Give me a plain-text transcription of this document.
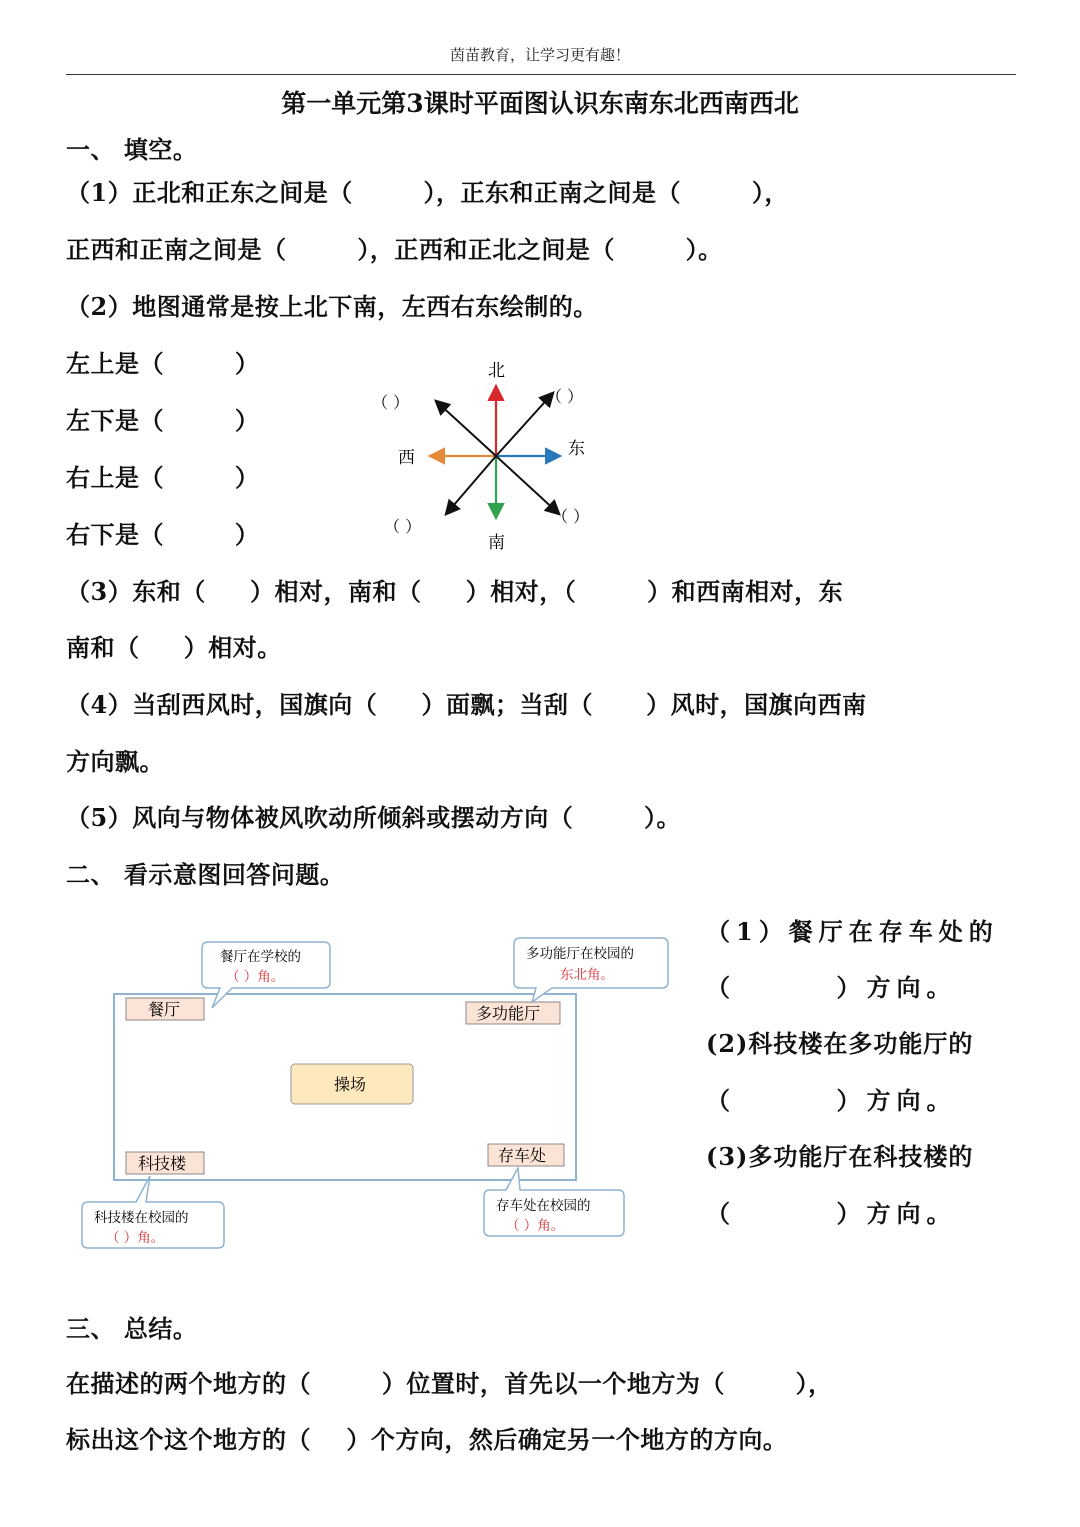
茵苗教育，让学习更有趣！
第一单元第3课时平面图认识东南东北西南西北
一、 填空。
（1）正北和正东之间是（        ），正东和正南之间是（        ），
正西和正南之间是（        ），正西和正北之间是（        ）。
（2）地图通常是按上北下南，左西右东绘制的。
左上是（        ）
左下是（        ）
右上是（        ）
右下是（        ）
北
南
东
西
（ ）	（ ）
（ ）
（ ）
（3）东和（     ）相对，南和（     ）相对，（        ）和西南相对，东
南和（     ）相对。
（4）当刮西风时，国旗向（     ）面飘；当刮（      ）风时，国旗向西南
方向飘。
（5）风向与物体被风吹动所倾斜或摆动方向（        ）。
二、 看示意图回答问题。
餐厅	多功能厅
操场
科技楼	存车处
餐厅在学校的
（ ）角。
多功能厅在校园的
东北角。
科技楼在校园的
（ ）角。
存车处在校园的
（ ）角。
（1）餐厅在存车处的
（       ）方向。
(2)科技楼在多功能厅的
（       ）方向。
(3)多功能厅在科技楼的
（       ）方向。
三、 总结。
在描述的两个地方的（        ）位置时，首先以一个地方为（        ），
标出这个这个地方的（    ）个方向，然后确定另一个地方的方向。
